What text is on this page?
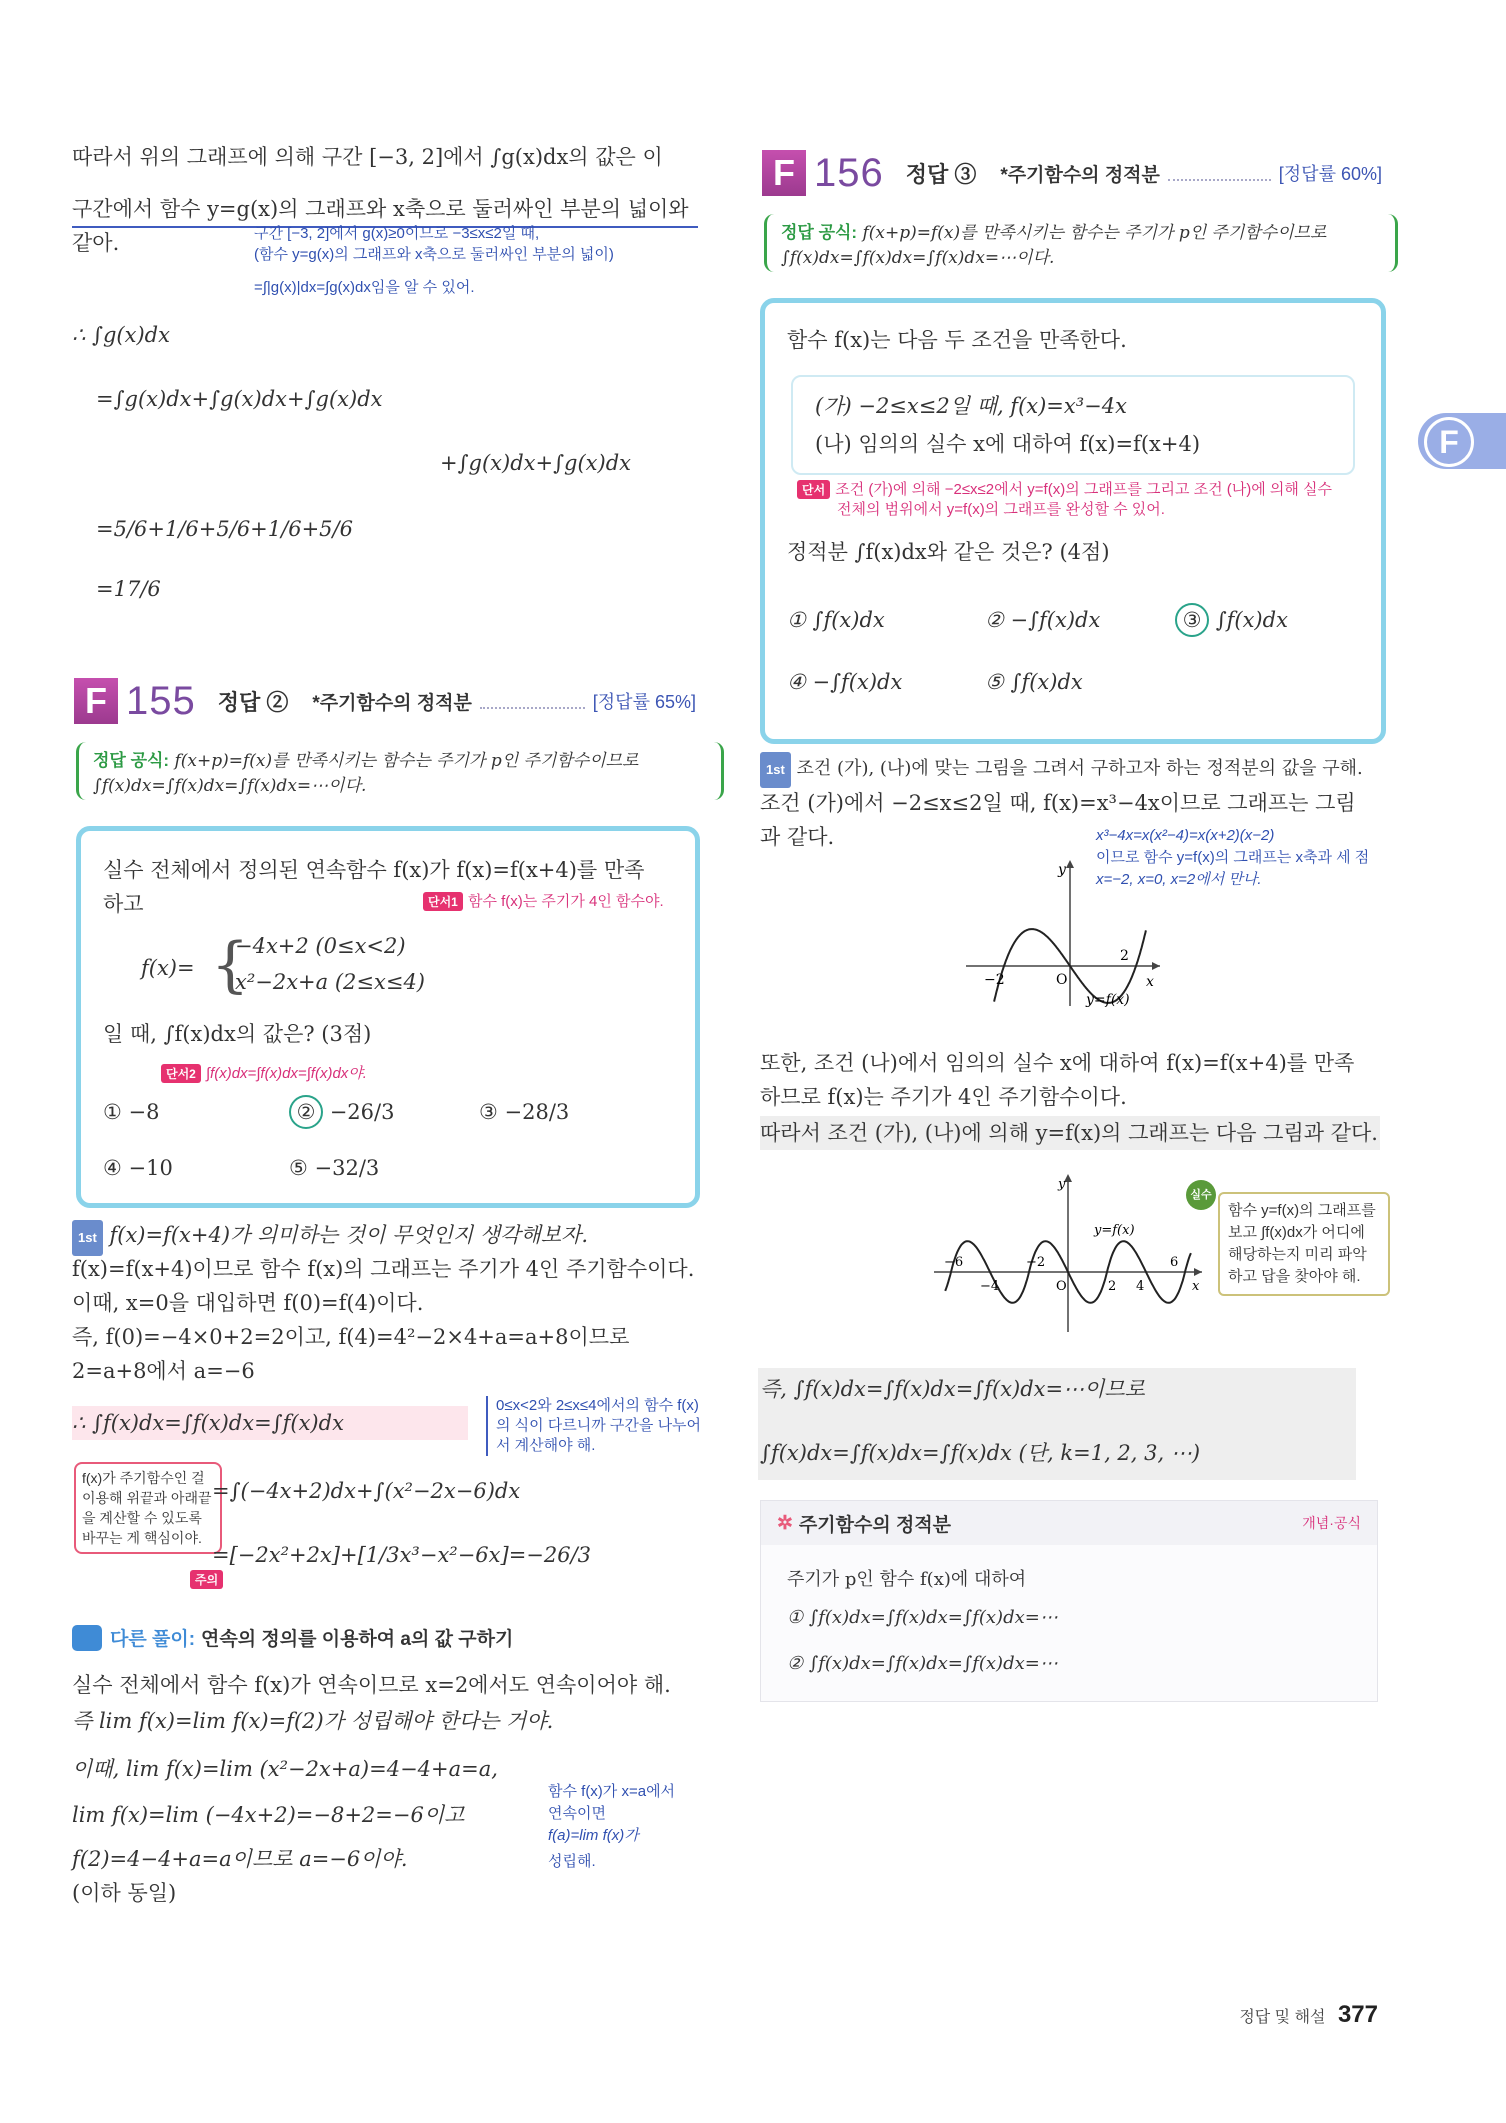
따라서 위의 그래프에 의해 구간 [−3, 2]에서 ∫g(x)dx의 값은 이
구간에서 함수 y=g(x)의 그래프와 x축으로 둘러싸인 부분의 넓이와
같아.	구간 [−3, 2]에서 g(x)≥0이므로 −3≤x≤2일 때,
(함수 y=g(x)의 그래프와 x축으로 둘러싸인 부분의 넓이)
=∫|g(x)|dx=∫g(x)dx임을 알 수 있어.
∴ ∫g(x)dx
=∫g(x)dx+∫g(x)dx+∫g(x)dx
+∫g(x)dx+∫g(x)dx
=5/6+1/6+5/6+1/6+5/6
=17/6
F 155 정답 ② *주기함수의 정적분	[정답률 65%]
정답 공식: f(x+p)=f(x)를 만족시키는 함수는 주기가 p인 주기함수이므로
∫f(x)dx=∫f(x)dx=∫f(x)dx=⋯이다.
실수 전체에서 정의된 연속함수 f(x)가 f(x)=f(x+4)를 만족
하고	단서1 함수 f(x)는 주기가 4인 함수야.
f(x)= {
−4x+2 (0≤x<2)
x²−2x+a (2≤x≤4)
일 때, ∫f(x)dx의 값은? (3점)
단서2 ∫f(x)dx=∫f(x)dx=∫f(x)dx야.
① −8	② −26/3	③ −28/3
④ −10	⑤ −32/3
1st f(x)=f(x+4)가 의미하는 것이 무엇인지 생각해보자.
f(x)=f(x+4)이므로 함수 f(x)의 그래프는 주기가 4인 주기함수이다.
이때, x=0을 대입하면 f(0)=f(4)이다.
즉, f(0)=−4×0+2=2이고, f(4)=4²−2×4+a=a+8이므로
2=a+8에서 a=−6
∴ ∫f(x)dx=∫f(x)dx=∫f(x)dx
0≤x<2와 2≤x≤4에서의 함수 f(x)의 식이 다르니까 구간을 나누어서 계산해야 해.
f(x)가 주기함수인 걸 이용해 위끝과 아래끝을 계산할 수 있도록 바꾸는 게 핵심이야.
주의
=∫(−4x+2)dx+∫(x²−2x−6)dx
=[−2x²+2x]+[1/3x³−x²−6x]=−26/3
다른 풀이: 연속의 정의를 이용하여 a의 값 구하기
실수 전체에서 함수 f(x)가 연속이므로 x=2에서도 연속이어야 해.
즉 lim f(x)=lim f(x)=f(2)가 성립해야 한다는 거야.
이때, lim f(x)=lim (x²−2x+a)=4−4+a=a,
lim f(x)=lim (−4x+2)=−8+2=−6이고
f(2)=4−4+a=a이므로 a=−6이야.
(이하 동일)
함수 f(x)가 x=a에서
연속이면
f(a)=lim f(x)가
성립해.
F 156 정답 ③ *주기함수의 정적분	[정답률 60%]
정답 공식: f(x+p)=f(x)를 만족시키는 함수는 주기가 p인 주기함수이므로
∫f(x)dx=∫f(x)dx=∫f(x)dx=⋯이다.
함수 f(x)는 다음 두 조건을 만족한다.
(가) −2≤x≤2일 때, f(x)=x³−4x
(나) 임의의 실수 x에 대하여 f(x)=f(x+4)
단서 조건 (가)에 의해 −2≤x≤2에서 y=f(x)의 그래프를 그리고 조건 (나)에 의해 실수
전체의 범위에서 y=f(x)의 그래프를 완성할 수 있어.
정적분 ∫f(x)dx와 같은 것은? (4점)
① ∫f(x)dx	② −∫f(x)dx	③ ∫f(x)dx
④ −∫f(x)dx	⑤ ∫f(x)dx
1st 조건 (가), (나)에 맞는 그림을 그려서 구하고자 하는 정적분의 값을 구해.
조건 (가)에서 −2≤x≤2일 때, f(x)=x³−4x이므로 그래프는 그림
과 같다.	x³−4x=x(x²−4)=x(x+2)(x−2)
이므로 함수 y=f(x)의 그래프는 x축과 세 점
x=−2, x=0, x=2에서 만나.
y
x
O
−2
2
y=f(x)
또한, 조건 (나)에서 임의의 실수 x에 대하여 f(x)=f(x+4)를 만족
하므로 f(x)는 주기가 4인 주기함수이다.
따라서 조건 (가), (나)에 의해 y=f(x)의 그래프는 다음 그림과 같다.
y
x
O
y=f(x)
−6
−4
−2
2 4
6
실수
함수 y=f(x)의 그래프를 보고 ∫f(x)dx가 어디에 해당하는지 미리 파악하고 답을 찾아야 해.
즉, ∫f(x)dx=∫f(x)dx=∫f(x)dx=⋯이므로
∫f(x)dx=∫f(x)dx=∫f(x)dx (단, k=1, 2, 3, ⋯)
✲ 주기함수의 정적분	개념·공식
주기가 p인 함수 f(x)에 대하여
① ∫f(x)dx=∫f(x)dx=∫f(x)dx=⋯
② ∫f(x)dx=∫f(x)dx=∫f(x)dx=⋯
F
정답 및 해설 377
